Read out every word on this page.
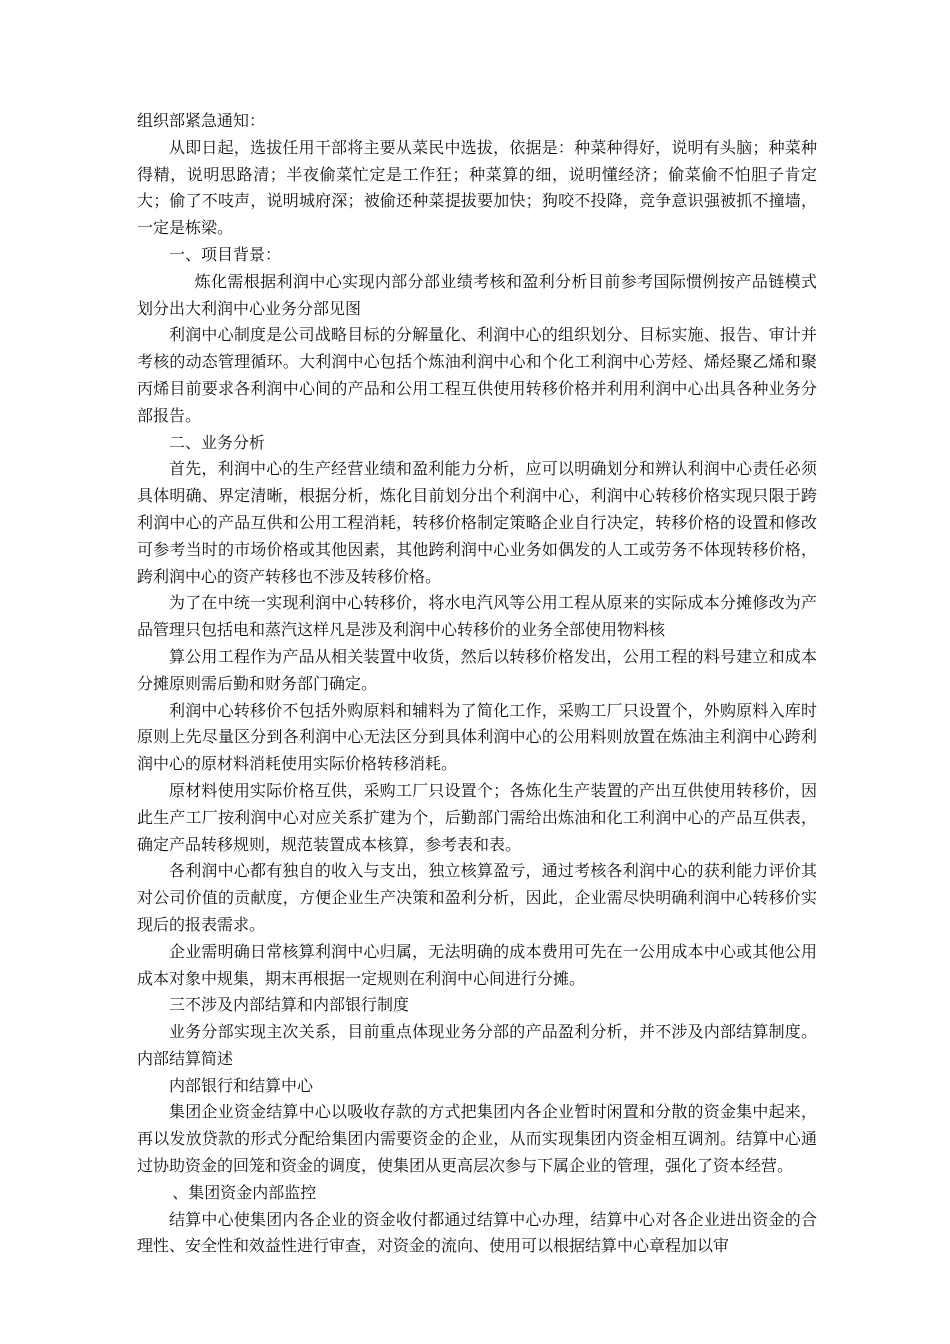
组织部紧急通知：

从即日起，选拔任用干部将主要从菜民中选拔，依据是：种菜种得好，说明有头脑；种菜种得精，说明思路清；半夜偷菜忙定是工作狂；种菜算的细，说明懂经济；偷菜偷不怕胆子肯定大；偷了不吱声，说明城府深；被偷还种菜提拔要加快；狗咬不投降，竞争意识强被抓不撞墙，一定是栋梁。

一、项目背景：

炼化需根据利润中心实现内部分部业绩考核和盈利分析目前参考国际惯例按产品链模式划分出大利润中心业务分部见图

利润中心制度是公司战略目标的分解量化、利润中心的组织划分、目标实施、报告、审计并考核的动态管理循环。大利润中心包括个炼油利润中心和个化工利润中心芳烃、烯烃聚乙烯和聚丙烯目前要求各利润中心间的产品和公用工程互供使用转移价格并利用利润中心出具各种业务分部报告。

二、业务分析

首先，利润中心的生产经营业绩和盈利能力分析，应可以明确划分和辨认利润中心责任必须具体明确、界定清晰，根据分析，炼化目前划分出个利润中心，利润中心转移价格实现只限于跨利润中心的产品互供和公用工程消耗，转移价格制定策略企业自行决定，转移价格的设置和修改可参考当时的市场价格或其他因素，其他跨利润中心业务如偶发的人工或劳务不体现转移价格，跨利润中心的资产转移也不涉及转移价格。

为了在中统一实现利润中心转移价，将水电汽风等公用工程从原来的实际成本分摊修改为产品管理只包括电和蒸汽这样凡是涉及利润中心转移价的业务全部使用物料核

算公用工程作为产品从相关装置中收货，然后以转移价格发出，公用工程的料号建立和成本分摊原则需后勤和财务部门确定。

利润中心转移价不包括外购原料和辅料为了简化工作，采购工厂只设置个，外购原料入库时原则上先尽量区分到各利润中心无法区分到具体利润中心的公用料则放置在炼油主利润中心跨利润中心的原材料消耗使用实际价格转移消耗。

原材料使用实际价格互供，采购工厂只设置个；各炼化生产装置的产出互供使用转移价，因此生产工厂按利润中心对应关系扩建为个，后勤部门需给出炼油和化工利润中心的产品互供表，确定产品转移规则，规范装置成本核算，参考表和表。

各利润中心都有独自的收入与支出，独立核算盈亏，通过考核各利润中心的获利能力评价其对公司价值的贡献度，方便企业生产决策和盈利分析，因此，企业需尽快明确利润中心转移价实现后的报表需求。

企业需明确日常核算利润中心归属，无法明确的成本费用可先在一公用成本中心或其他公用成本对象中规集，期末再根据一定规则在利润中心间进行分摊。

三不涉及内部结算和内部银行制度

业务分部实现主次关系，目前重点体现业务分部的产品盈利分析，并不涉及内部结算制度。内部结算简述

内部银行和结算中心

集团企业资金结算中心以吸收存款的方式把集团内各企业暂时闲置和分散的资金集中起来，再以发放贷款的形式分配给集团内需要资金的企业，从而实现集团内资金相互调剂。结算中心通过协助资金的回笼和资金的调度，使集团从更高层次参与下属企业的管理，强化了资本经营。

、集团资金内部监控

结算中心使集团内各企业的资金收付都通过结算中心办理，结算中心对各企业进出资金的合理性、安全性和效益性进行审查，对资金的流向、使用可以根据结算中心章程加以审
